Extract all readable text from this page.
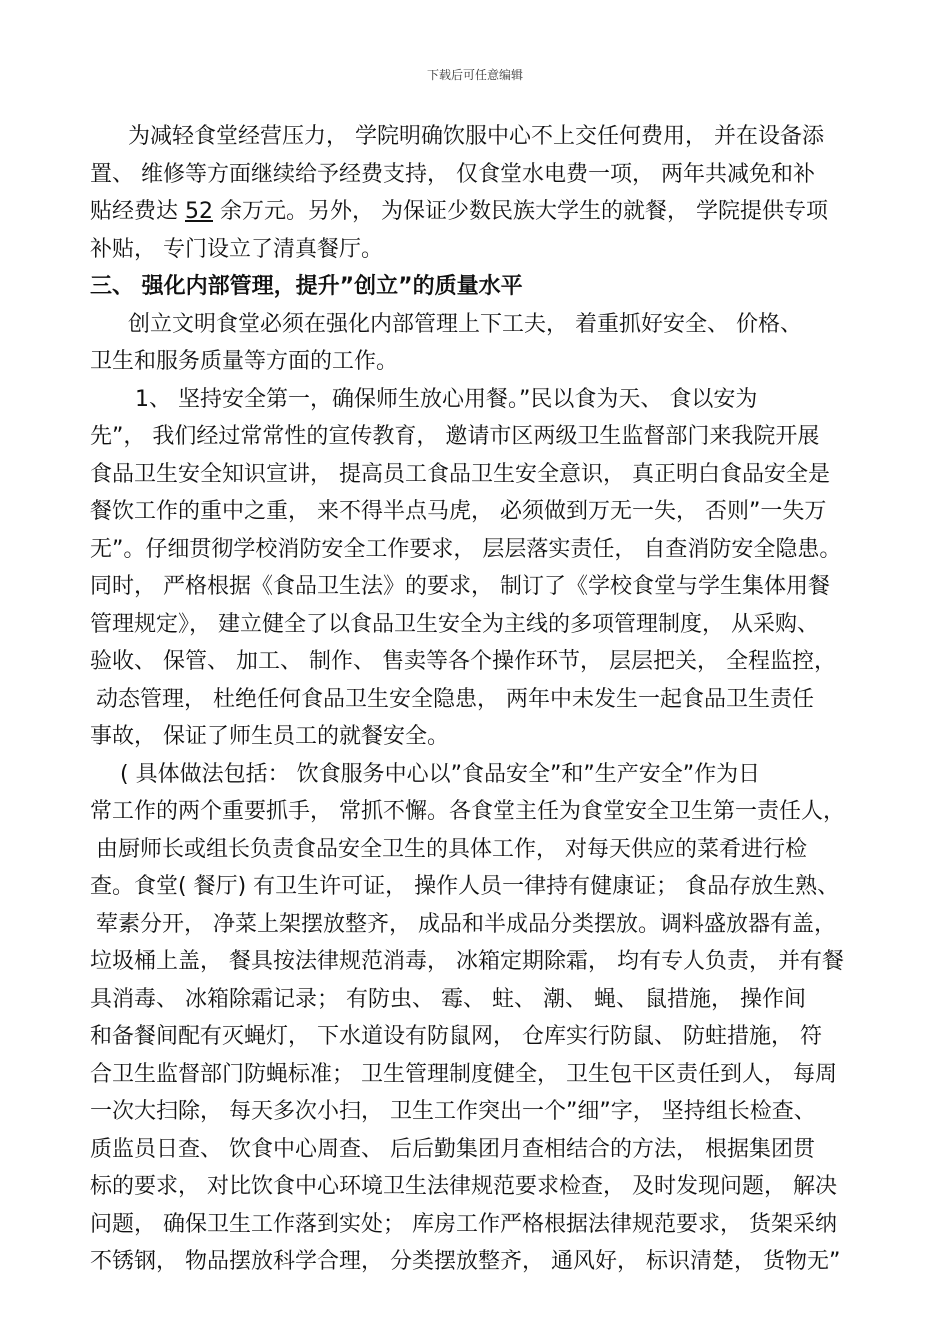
下载后可任意编辑
为减轻食堂经营压力， 学院明确饮服中心不上交任何费用， 并在设备添
置、 维修等方面继续给予经费支持， 仅食堂水电费一项， 两年共减免和补
贴经费达 52 余万元。另外， 为保证少数民族大学生的就餐， 学院提供专项
补贴， 专门设立了清真餐厅。
三、 强化内部管理，提升”创立”的质量水平
创立文明食堂必须在强化内部管理上下工夫， 着重抓好安全、 价格、
卫生和服务质量等方面的工作。
1、 坚持安全第一，确保师生放心用餐。”民以食为天、 食以安为
先”， 我们经过常常性的宣传教育， 邀请市区两级卫生监督部门来我院开展
食品卫生安全知识宣讲， 提高员工食品卫生安全意识， 真正明白食品安全是
餐饮工作的重中之重， 来不得半点马虎， 必须做到万无一失， 否则”一失万
无”。仔细贯彻学校消防安全工作要求， 层层落实责任， 自查消防安全隐患。
同时， 严格根据《食品卫生法》的要求， 制订了《学校食堂与学生集体用餐
管理规定》， 建立健全了以食品卫生安全为主线的多项管理制度， 从采购、
验收、 保管、 加工、 制作、 售卖等各个操作环节， 层层把关， 全程监控，
动态管理， 杜绝任何食品卫生安全隐患， 两年中未发生一起食品卫生责任
事故， 保证了师生员工的就餐安全。
( 具体做法包括： 饮食服务中心以”食品安全”和”生产安全”作为日
常工作的两个重要抓手， 常抓不懈。各食堂主任为食堂安全卫生第一责任人，
由厨师长或组长负责食品安全卫生的具体工作， 对每天供应的菜肴进行检
查。食堂( 餐厅) 有卫生许可证， 操作人员一律持有健康证； 食品存放生熟、
荤素分开， 净菜上架摆放整齐， 成品和半成品分类摆放。调料盛放器有盖，
垃圾桶上盖， 餐具按法律规范消毒， 冰箱定期除霜， 均有专人负责， 并有餐
具消毒、 冰箱除霜记录； 有防虫、 霉、 蛀、 潮、 蝇、 鼠措施， 操作间
和备餐间配有灭蝇灯， 下水道设有防鼠网， 仓库实行防鼠、 防蛀措施， 符
合卫生监督部门防蝇标准； 卫生管理制度健全， 卫生包干区责任到人， 每周
一次大扫除， 每天多次小扫， 卫生工作突出一个”细”字， 坚持组长检查、
质监员日查、 饮食中心周查、 后后勤集团月查相结合的方法， 根据集团贯
标的要求， 对比饮食中心环境卫生法律规范要求检查， 及时发现问题， 解决
问题， 确保卫生工作落到实处； 库房工作严格根据法律规范要求， 货架采纳
不锈钢， 物品摆放科学合理， 分类摆放整齐， 通风好， 标识清楚， 货物无”
